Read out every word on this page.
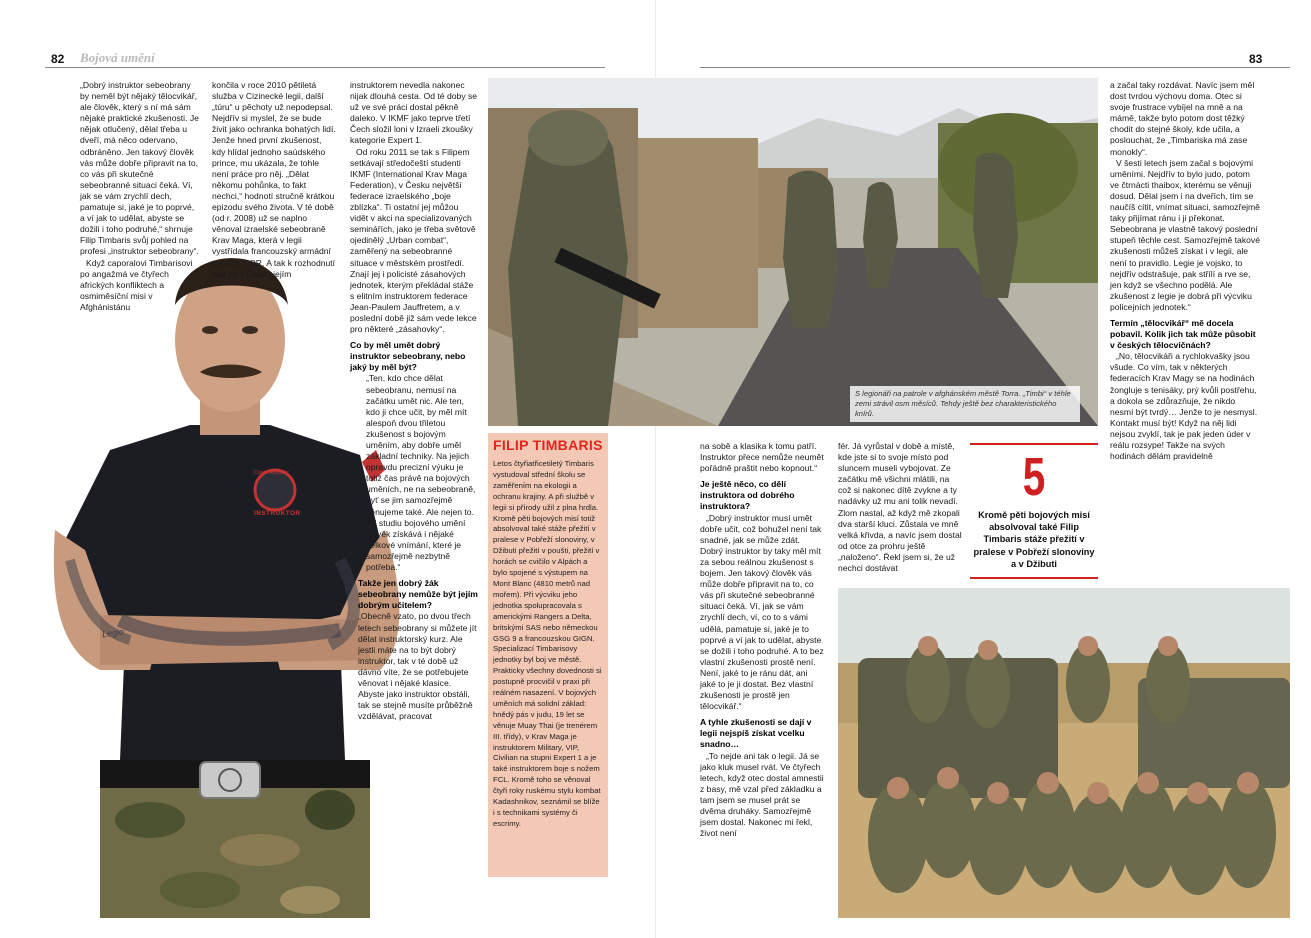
82 Bojová umění	83
Czech Republic
INSTRUKTOR
Legio

„Dobrý instruktor sebeobrany by neměl být nějaký tělocvikář, ale člověk, který s ní má sám nějaké praktické zkušenosti. Je nějak otlučený, dělal třeba u dveří, má něco odervano, odbráněno. Jen takový člověk vás může dobře připravit na to, co vás při skutečné sebeobranné situaci čeká. Ví, jak se vám zrychlí dech, pamatuje si, jaké je to poprvé, a ví jak to udělat, abyste se dožili i toho podruhé,“ shrnuje Filip Timbaris svůj pohled na profesi „instruktor sebeobrany“.

Když caporalovi Timbarisovi po angažmá ve čtyřech afrických konfliktech a osmiměsíční misi v Afghánistánu

končila v roce 2010 pětiletá služba v Cizinecké legii, další „túru“ u pěchoty už nepodepsal. Nejdřív si myslel, že se bude živit jako ochranka bohatých lidí. Jenže hned první zkušenost, kdy hlídal jednoho saúdského prince, mu ukázala, že tohle není práce pro něj. „Dělat někomu pohůnka, to fakt nechci,“ hodnotí stručně krátkou epizodu svého života. V té době (od r. 2008) už se naplno věnoval izraelské sebeobraně Krav Maga, která v legii vystřídala francouzský armádní systém TIOR. A tak k rozhodnutí stát se v Česku jejím

instruktorem nevedla nakonec nijak dlouhá cesta. Od té doby se už ve své práci dostal pěkně daleko. V IKMF jako teprve třetí Čech složil loni v Izraeli zkoušky kategorie Expert 1.

Od roku 2011 se tak s Filipem setkávají středočeští studenti IKMF (International Krav Maga Federation), v Česku největší federace izraelského „boje zblízka“. Ti ostatní jej můžou vidět v akci na specializovaných seminářích, jako je třeba světově ojedinělý „Urban combat“, zaměřený na sebeobranné situace v městském prostředí. Znají jej i policisté zásahových jednotek, kterým překládal stáže s elitním instruktorem federace Jean-Paulem Jauffretem, a v poslední době již sám vede lekce pro některé „zásahovky“.

Co by měl umět dobrý instruktor sebeobrany, nebo jaký by měl být?

„Ten, kdo chce dělat sebeobranu, nemusí na začátku umět nic. Ale ten, kdo ji chce učit, by měl mít alespoň dvou třiletou zkušenost s bojovým uměním, aby dobře uměl základní techniky. Na jejich opravdu precizní výuku je totiž čas právě na bojových uměních, ne na sebeobraně, byť se jim samozřejmě věnujeme také. Ale nejen to. Při studiu bojového umění člověk získává i nějaké celkové vnímání, které je samozřejmě nezbytně potřeba.“

Takže jen dobrý žák sebeobrany nemůže být jejím dobrým učitelem?

„Obecně vzato, po dvou třech letech sebeobrany si můžete jít dělat instruktorský kurz. Ale jestli máte na to být dobrý instruktor, tak v té době už dávno víte, že se potřebujete věnovat i nějaké klasice. Abyste jako instruktor obstáli, tak se stejně musíte průběžně vzdělávat, pracovat

S legionáři na patrole v afghánském městě Torra. „Timbi“ v téhle zemi strávil osm měsíců. Tehdy ještě bez charakteristického knírů.
FILIP TIMBARIS
Letos čtyřiatřicetiletý Timbaris vystudoval střední školu se zaměřením na ekologii a ochranu krajiny. A při službě v legii si přírody užil z plna hrdla. Kromě pěti bojových misí totiž absolvoval také stáže přežití v pralese v Pobřeží slonoviny, v Džibuti přežití v poušti, přežití v horách se cvičilo v Alpách a bylo spojené s výstupem na Mont Blanc (4810 metrů nad mořem). Při výcviku jeho jednotka spolupracovala s americkými Rangers a Delta, britskými SAS nebo německou GSG 9 a francouzskou GIGN. Specializací Timbarisovy jednotky byl boj ve městě. Prakticky všechny dovednosti si postupně procvičil v praxi při reálném nasazení. V bojových uměních má solidní základ: hnědý pás v judu, 19 let se věnuje Muay Thai (je trenérem III. třídy), v Krav Maga je instruktorem Military, VIP, Civilian na stupni Expert 1 a je také instruktorem boje s nožem FCL. Kromě toho se věnoval čtyři roky ruskému stylu kombat Kadashnikov, seznámil se blíže i s technikami systémy či escrimy.

na sobě a klasika k tomu patří. Instruktor přece nemůže neumět pořádně praštit nebo kopnout.“

Je ještě něco, co dělí instruktora od dobrého instruktora?

„Dobrý instruktor musí umět dobře učit, což bohužel není tak snadné, jak se může zdát. Dobrý instruktor by taky měl mít za sebou reálnou zkušenost s bojem. Jen takový člověk vás může dobře připravit na to, co vás při skutečné sebeobranné situaci čeká. Ví, jak se vám zrychlí dech, ví, co to s vámi udělá, pamatuje si, jaké je to poprvé a ví jak to udělat, abyste se dožili i toho podruhé. A to bez vlastní zkušenosti prostě není. Není, jaké to je ránu dát, ani jaké to je ji dostat. Bez vlastní zkušenosti je prostě jen tělocvikář.“

A tyhle zkušenosti se dají v legii nejspíš získat vcelku snadno…

„To nejde ani tak o legii. Já se jako kluk musel rvát. Ve čtyřech letech, když otec dostal amnestii z basy, mě vzal před základku a tam jsem se musel prát se dvěma druháky. Samozřejmě jsem dostal. Nakonec mi řekl, život není

fér. Já vyrůstal v době a místě, kde jste si to svoje místo pod sluncem museli vybojovat. Ze začátku mě všichni mlátili, na což si nakonec dítě zvykne a ty nadávky už mu ani tolik nevadí. Zlom nastal, až když mě zkopali dva starší kluci. Zůstala ve mně velká křivda, a navíc jsem dostal od otce za prohru ještě „naloženo“. Řekl jsem si, že už nechci dostávat

5
Kromě pěti bojových misí absolvoval také Filip Timbaris stáže přežití v pralese v Pobřeží slonoviny a v Džibuti

a začal taky rozdávat. Navíc jsem měl dost tvrdou výchovu doma. Otec si svoje frustrace vybíjel na mně a na mámě, takže bylo potom dost těžký chodit do stejné školy, kde učila, a poslouchat, že „Timbariska má zase monokly“.

V šesti letech jsem začal s bojovými uměními. Nejdřív to bylo judo, potom ve čtrnácti thaibox, kterému se věnuji dosud. Dělal jsem i na dveřích, tím se naučíš cítit, vnímat situaci, samozřejmě taky přijímat ránu i ji překonat. Sebeobrana je vlastně takový poslední stupeň těchle cest. Samozřejmě takové zkušenosti můžeš získat i v legii, ale není to pravidlo. Legie je vojsko, to nejdřív odstrašuje, pak střílí a rve se, jen když se všechno podělá. Ale zkušenost z legie je dobrá při výcviku policejních jednotek.“

Termín „tělocvikář“ mě docela pobavil. Kolik jich tak může působit v českých tělocvičnách?

„No, tělocvikáři a rychlokvašky jsou všude. Co vím, tak v některých federacích Krav Magy se na hodinách žongluje s tenisáky, prý kvůli postřehu, a dokola se zdůrazňuje, že nikdo nesmí být tvrdý… Jenže to je nesmysl. Kontakt musí být! Když na něj lidi nejsou zvyklí, tak je pak jeden úder v reálu rozsype! Takže na svých hodinách dělám pravidelně
